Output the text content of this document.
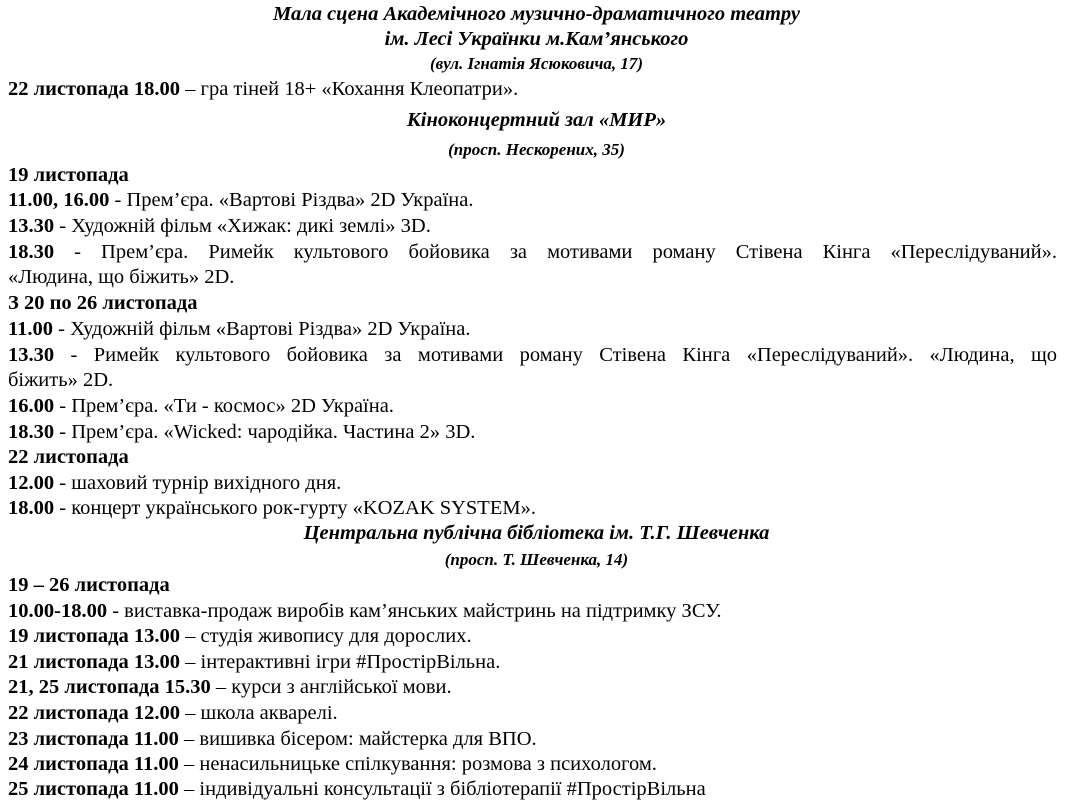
Мала сцена Академічного музично-драматичного театру
ім. Лесі Українки м.Кам’янського
(вул. Ігнатія Ясюковича, 17)
22 листопада 18.00 – гра тіней 18+ «Кохання Клеопатри».
Кіноконцертний зал «МИР»
(просп. Нескорених, 35)
19 листопада
11.00, 16.00 - Прем’єра. «Вартові Різдва» 2D Україна.
13.30 - Художній фільм «Хижак: дикі землі» 3D.
18.30 - Прем’єра. Римейк культового бойовика за мотивами роману Стівена Кінга «Переслідуваний».
«Людина, що біжить» 2D.
З 20 по 26 листопада
11.00 - Художній фільм «Вартові Різдва» 2D Україна.
13.30 - Римейк культового бойовика за мотивами роману Стівена Кінга «Переслідуваний». «Людина, що
біжить» 2D.
16.00 - Прем’єра. «Ти - космос» 2D Україна.
18.30 - Прем’єра. «Wicked: чародійка. Частина 2» 3D.
22 листопада
12.00 - шаховий турнір вихідного дня.
18.00 - концерт українського рок-гурту «KOZAK SYSTEM».
Центральна публічна бібліотека ім. Т.Г. Шевченка
(просп. Т. Шевченка, 14)
19 – 26 листопада
10.00-18.00 - виставка-продаж виробів кам’янських майстринь на підтримку ЗСУ.
19 листопада 13.00 – студія живопису для дорослих.
21 листопада 13.00 – інтерактивні ігри #ПростірВільна.
21, 25 листопада 15.30 – курси з англійської мови.
22 листопада 12.00 – школа акварелі.
23 листопада 11.00 – вишивка бісером: майстерка для ВПО.
24 листопада 11.00 – ненасильницьке спілкування: розмова з психологом.
25 листопада 11.00 – індивідуальні консультації з бібліотерапії #ПростірВільна
